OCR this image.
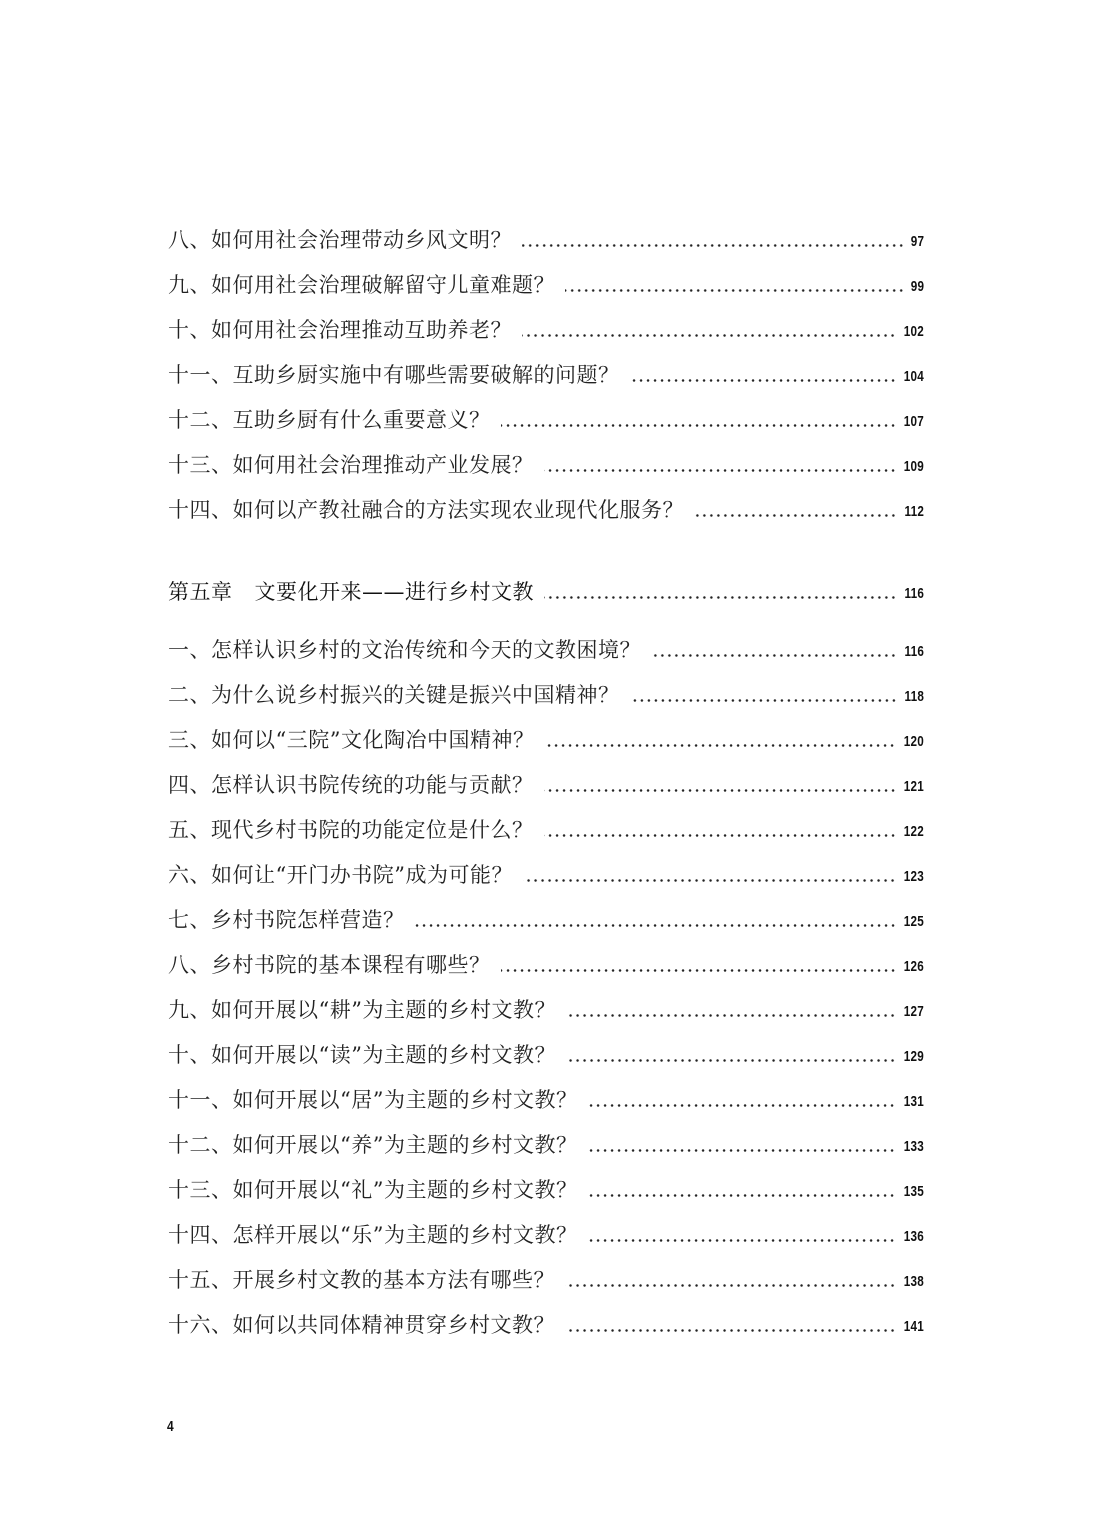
八、如何用社会治理带动乡风文明？	97
九、如何用社会治理破解留守儿童难题？	99
十、如何用社会治理推动互助养老？	102
十一、互助乡厨实施中有哪些需要破解的问题？	104
十二、互助乡厨有什么重要意义？	107
十三、如何用社会治理推动产业发展？	109
十四、如何以产教社融合的方法实现农业现代化服务？	112
第五章 文要化开来——进行乡村文教	116
一、怎样认识乡村的文治传统和今天的文教困境？	116
二、为什么说乡村振兴的关键是振兴中国精神？	118
三、如何以“三院”文化陶冶中国精神？	120
四、怎样认识书院传统的功能与贡献？	121
五、现代乡村书院的功能定位是什么？	122
六、如何让“开门办书院”成为可能？	123
七、乡村书院怎样营造？	125
八、乡村书院的基本课程有哪些？	126
九、如何开展以“耕”为主题的乡村文教？	127
十、如何开展以“读”为主题的乡村文教？	129
十一、如何开展以“居”为主题的乡村文教？	131
十二、如何开展以“养”为主题的乡村文教？	133
十三、如何开展以“礼”为主题的乡村文教？	135
十四、怎样开展以“乐”为主题的乡村文教？	136
十五、开展乡村文教的基本方法有哪些？	138
十六、如何以共同体精神贯穿乡村文教？	141
4
